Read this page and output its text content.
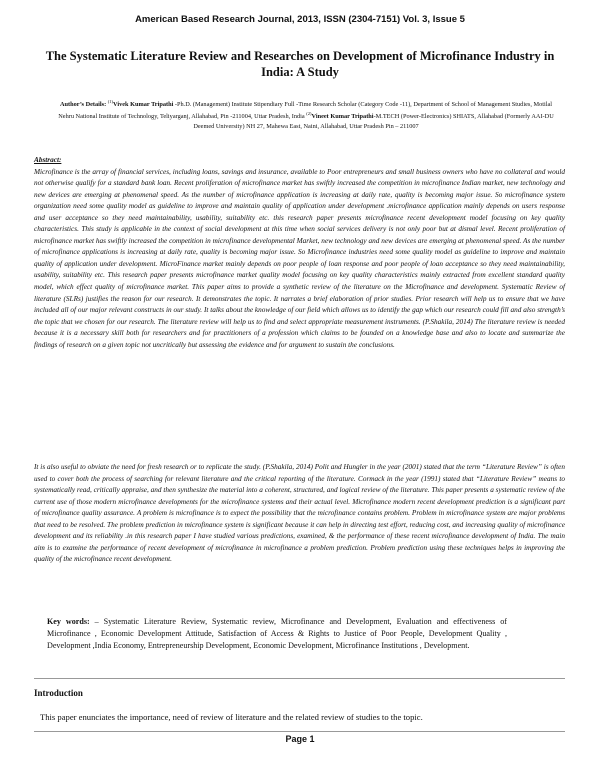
American Based Research Journal, 2013, ISSN (2304-7151) Vol. 3, Issue 5
The Systematic Literature Review and Researches on Development of Microfinance Industry in India: A Study
Author’s Details: $^{(1)}$Vivek Kumar Tripathi -Ph.D. (Management) Institute Stipendiary Full -Time Research Scholar (Category Code -11), Department of School of Management Studies, Motilal Nehru National Institute of Technology, Teliyarganj, Allahabad, Pin -211004, Uttar Pradesh, India $^{(2)}$Vineet Kumar Tripathi-M.TECH (Power-Electronics) SHIATS, Allahabad (Formerly AAI-DU Deemed University) NH 27, Mahewa East, Naini, Allahabad, Uttar Pradesh Pin – 211007
Abstract:
Microfinance is the array of financial services, including loans, savings and insurance, available to Poor entrepreneurs and small business owners who have no collateral and would not otherwise qualify for a standard bank loan. Recent proliferation of microfinance market has swiftly increased the competition in microfinance Indian market, new technology and new devices are emerging at phenomenal speed. As the number of microfinance application is increasing at daily rate, quality is becoming major issue. So microfinance system organization need some quality model as guideline to improve and maintain quality of application under development .microfinance application mainly depends on users response and user acceptance so they need maintainability, usability, suitability etc. this research paper presents microfinance recent development model focusing on key quality characteristics. This study is applicable in the context of social development at this time when social services delivery is not only poor but at dismal level. Recent proliferation of microfinance market has swiftly increased the competition in microfinance developmental Market, new technology and new devices are emerging at phenomenal speed. As the number of microfinance applications is increasing at daily rate, quality is becoming major issue. So Microfinance industries need some quality model as guideline to improve and maintain quality of application under development. MicroFinance market mainly depends on poor people of loan response and poor people of loan acceptance so they need maintainability, usability, suitability etc. This research paper presents microfinance market quality model focusing on key quality characteristics mainly extracted from excellent standard quality model, which effect quality of microfinance market. This paper aims to provide a synthetic review of the literature on the Microfinance and development. Systematic Review of literature (SLRs) justifies the reason for our research. It demonstrates the topic. It narrates a brief elaboration of prior studies. Prior research will help us to ensure that we have included all of our major relevant constructs in our study. It talks about the knowledge of our field which allows us to identify the gap which our research could fill and also strength’s the topic that we chosen for our research. The literature review will help us to find and select appropriate measurement instruments. (P.Shakila, 2014) The literature review is needed because it is a necessary skill both for researchers and for practitioners of a profession which claims to be founded on a knowledge base and also to locate and summarize the findings of research on a given topic not uncritically but assessing the evidence and for argument to sustain the conclusions.
It is also useful to obviate the need for fresh research or to replicate the study. (P.Shakila, 2014) Polit and Hungler in the year (2001) stated that the term “Literature Review” is often used to cover both the process of searching for relevant literature and the critical reporting of the literature. Cormack in the year (1991) stated that “Literature Review” means to systematically read, critically appraise, and then synthesize the material into a coherent, structured, and logical review of the literature. This paper presents a systematic review of the current use of those modern microfinance developments for the microfinance systems and their actual level. Microfinance modern recent development prediction is a significant part of microfinance quality assurance. A problem is microfinance is to expect the possibility that the microfinance contains problem. Problem in microfinance system are major problems that need to be resolved. The problem prediction in microfinance system is significant because it can help in directing test effort, reducing cost, and increasing quality of microfinance development and its reliability .in this research paper I have studied various predictions, examined, & the performance of these recent microfinance development of India. The main aim is to examine the performance of recent development of microfinance in microfinance a problem prediction. Problem prediction using these techniques helps in improving the quality of the microfinance recent development.
Key words: – Systematic Literature Review, Systematic review, Microfinance and Development, Evaluation and effectiveness of Microfinance , Economic Development Attitude, Satisfaction of Access & Rights to Justice of Poor People, Development Quality , Development ,India Economy, Entrepreneurship Development, Economic Development, Microfinance Institutions , Development.
Introduction
This paper enunciates the importance, need of review of literature and the related review of studies to the topic.
Page 1
